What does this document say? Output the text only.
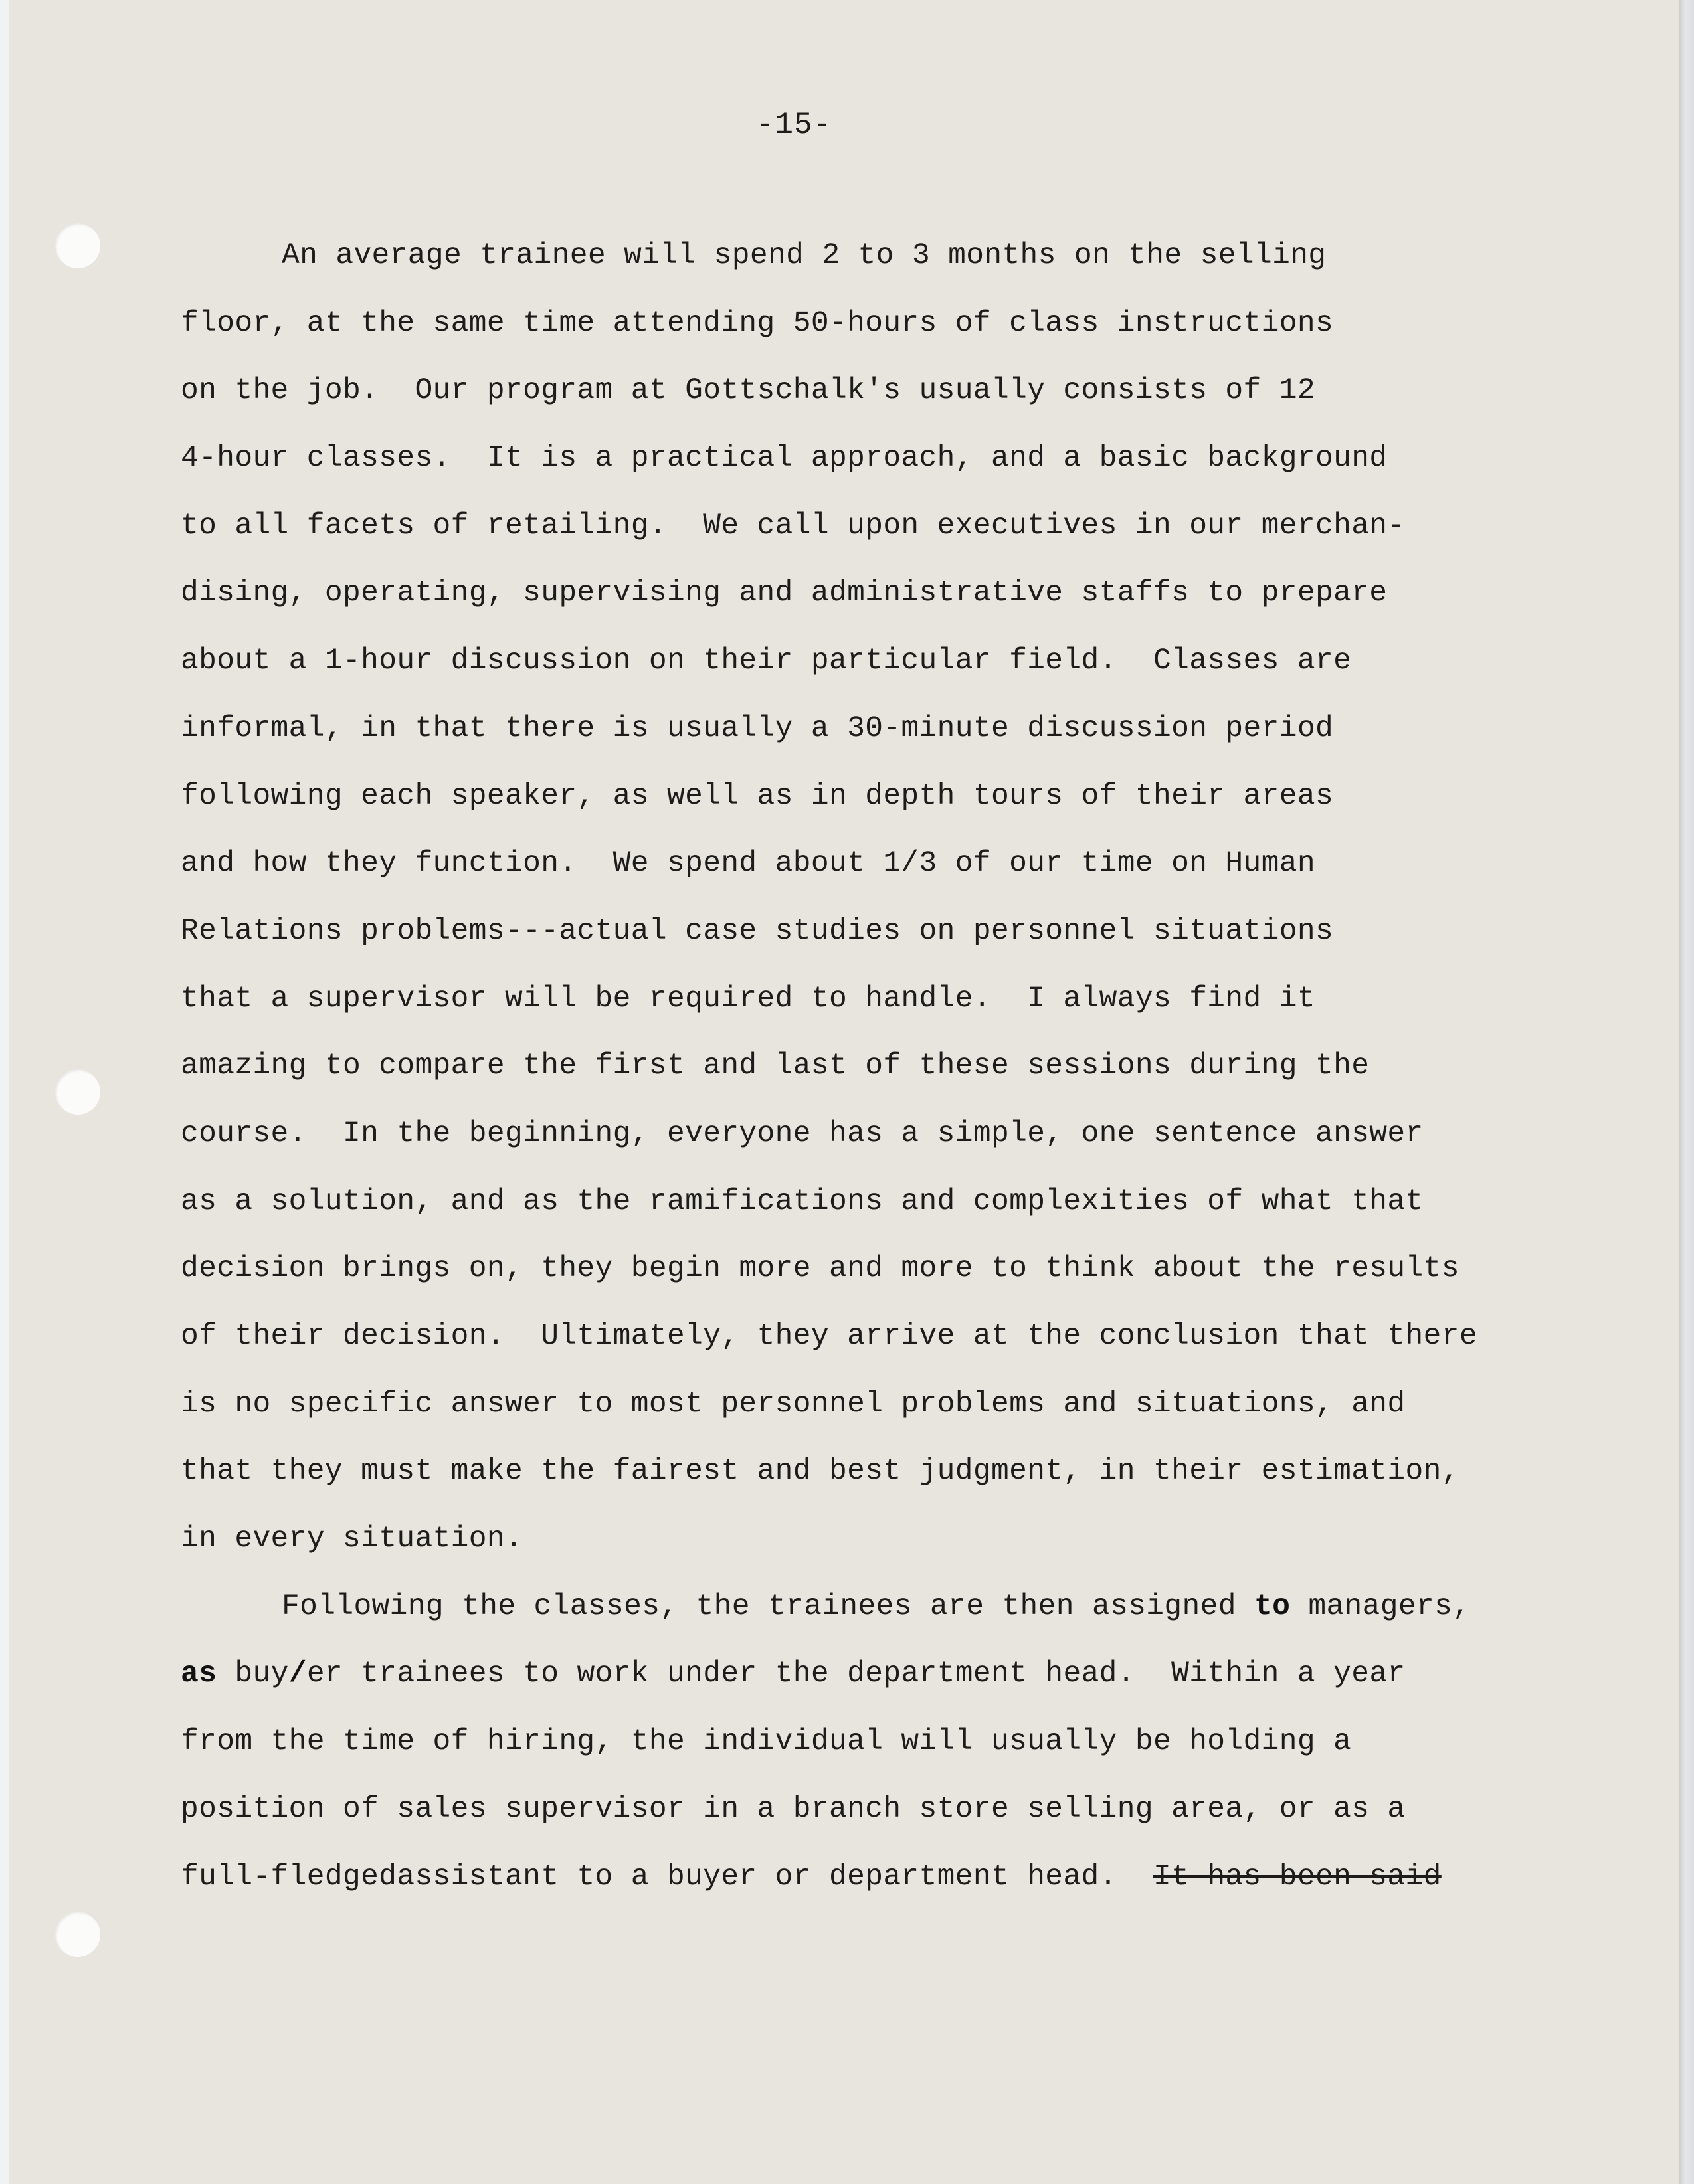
-15-
An average trainee will spend 2 to 3 months on the selling
floor, at the same time attending 50-hours of class instructions
on the job.  Our program at Gottschalk's usually consists of 12
4-hour classes.  It is a practical approach, and a basic background
to all facets of retailing.  We call upon executives in our merchan-
dising, operating, supervising and administrative staffs to prepare
about a 1-hour discussion on their particular field.  Classes are
informal, in that there is usually a 30-minute discussion period
following each speaker, as well as in depth tours of their areas
and how they function.  We spend about 1/3 of our time on Human
Relations problems---actual case studies on personnel situations
that a supervisor will be required to handle.  I always find it
amazing to compare the first and last of these sessions during the
course.  In the beginning, everyone has a simple, one sentence answer
as a solution, and as the ramifications and complexities of what that
decision brings on, they begin more and more to think about the results
of their decision.  Ultimately, they arrive at the conclusion that there
is no specific answer to most personnel problems and situations, and
that they must make the fairest and best judgment, in their estimation,
in every situation.
Following the classes, the trainees are then assigned to managers,
as buy/er trainees to work under the department head.  Within a year
from the time of hiring, the individual will usually be holding a
position of sales supervisor in a branch store selling area, or as a
full-fledgedassistant to a buyer or department head.  It has been said
